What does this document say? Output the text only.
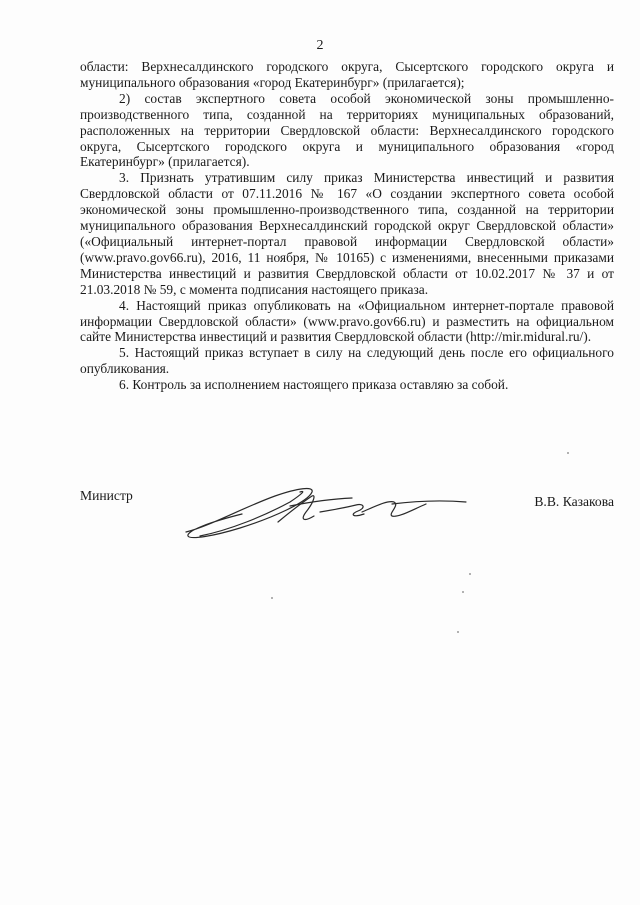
2

области: Верхнесалдинского городского округа, Сысертского городского округа и муниципального образования «город Екатеринбург» (прилагается);

2) состав экспертного совета особой экономической зоны промышленно-производственного типа, созданной на территориях муниципальных образований, расположенных на территории Свердловской области: Верхнесалдинского городского округа, Сысертского городского округа и муниципального образования «город Екатеринбург» (прилагается).

3. Признать утратившим силу приказ Министерства инвестиций и развития Свердловской области от 07.11.2016 № 167 «О создании экспертного совета особой экономической зоны промышленно-производственного типа, созданной на территории муниципального образования Верхнесалдинский городской округ Свердловской области» («Официальный интернет-портал правовой информации Свердловской области» (www.pravo.gov66.ru), 2016, 11 ноября, № 10165) с изменениями, внесенными приказами Министерства инвестиций и развития Свердловской области от 10.02.2017 № 37 и от 21.03.2018 № 59, с момента подписания настоящего приказа.

4. Настоящий приказ опубликовать на «Официальном интернет-портале правовой информации Свердловской области» (www.pravo.gov66.ru) и разместить на официальном сайте Министерства инвестиций и развития Свердловской области (http://mir.midural.ru/).

5. Настоящий приказ вступает в силу на следующий день после его официального опубликования.

6. Контроль за исполнением настоящего приказа оставляю за собой.

Министр	В.В. Казакова
